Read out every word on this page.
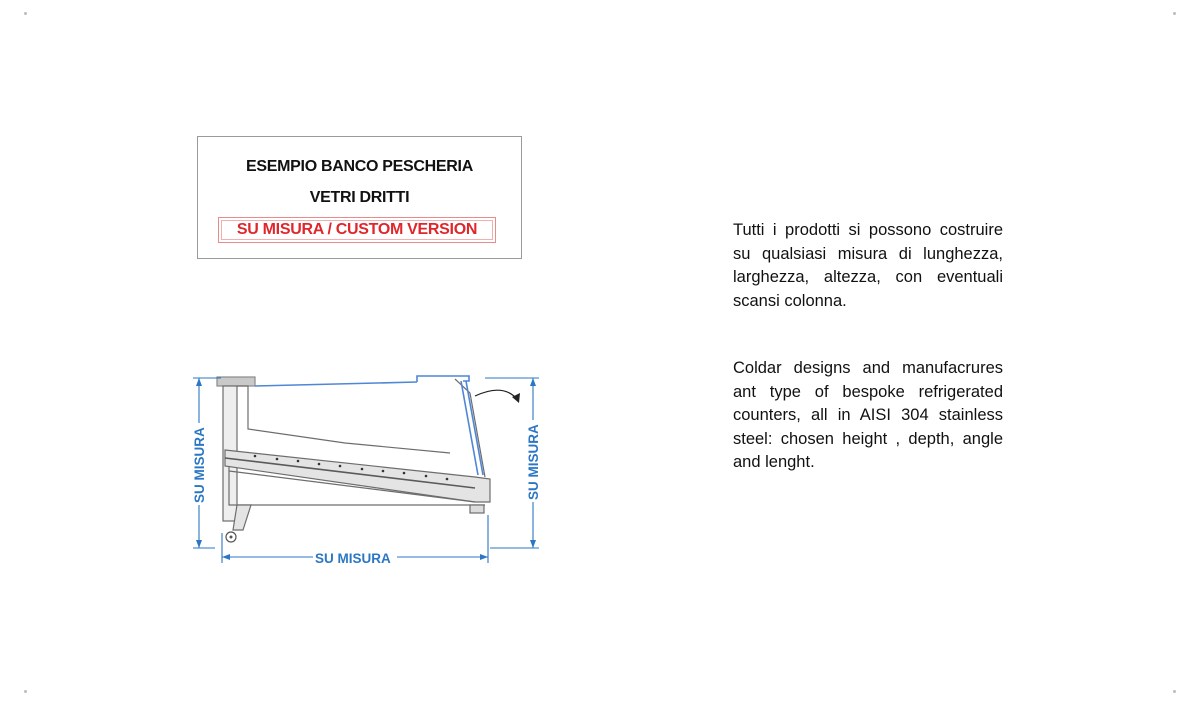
ESEMPIO BANCO PESCHERIA
VETRI DRITTI
SU MISURA / CUSTOM VERSION
SU MISURA	SU MISURA
SU MISURA
Tutti i prodotti si possono costruire su qualsiasi misura di lunghezza, larghezza, altezza, con eventuali scansi colonna.
Coldar designs and manufacrures ant type of bespoke refrigerated counters, all in AISI 304 stainless steel: chosen height , depth, angle and lenght.
